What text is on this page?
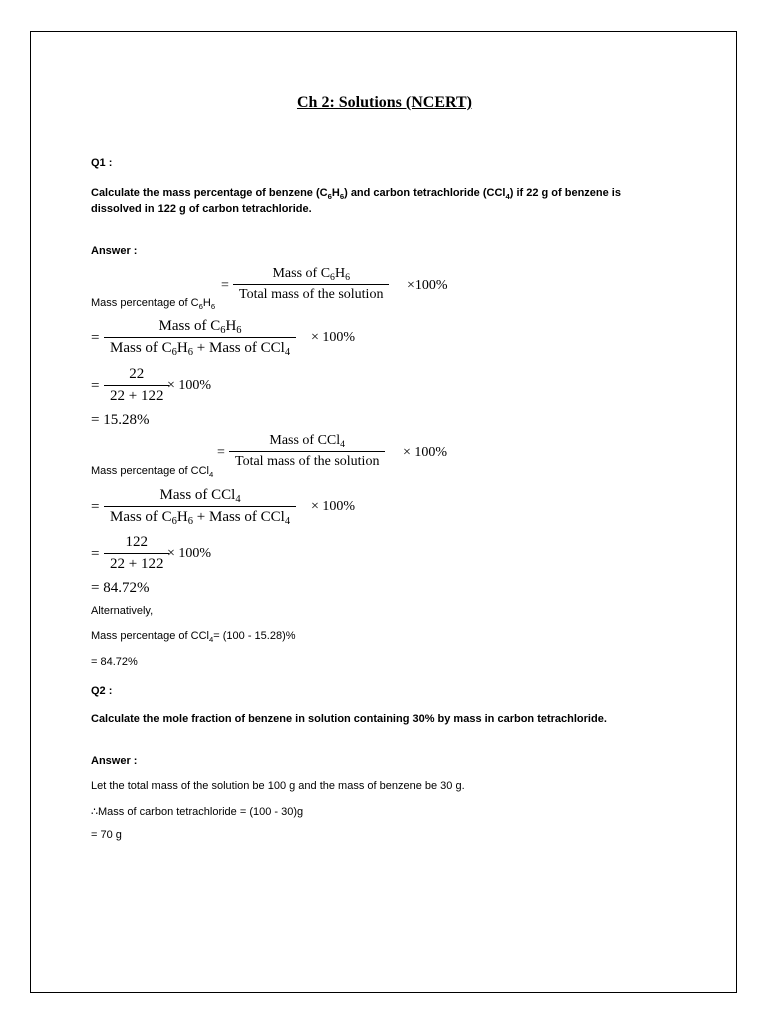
Ch 2: Solutions (NCERT)
Q1 :
Calculate the mass percentage of benzene $(C_6H_6)$ and carbon tetrachloride (CCl$_4$) if 22 g of benzene is dissolved in 122 g of carbon tetrachloride.
Answer :
Mass percentage of $C_6H_6$
=
Mass of $C_6H_6$
Total mass of the solution
×100%
=
Mass of $C_6H_6$
Mass of $C_6H_6$ + Mass of CCl$_4$
× 100%
=
22
22 + 122
× 100%
= 15.28%
Mass percentage of CCl$_4$
=
Mass of CCl$_4$
Total mass of the solution
× 100%
=
Mass of CCl$_4$
Mass of $C_6H_6$ + Mass of CCl$_4$
× 100%
=
122
22 + 122
× 100%
= 84.72%
Alternatively,
Mass percentage of CCl$_4$= (100 - 15.28)%
= 84.72%
Q2 :
Calculate the mole fraction of benzene in solution containing 30% by mass in carbon tetrachloride.
Answer :
Let the total mass of the solution be 100 g and the mass of benzene be 30 g.
∴Mass of carbon tetrachloride = (100 - 30)g
= 70 g
